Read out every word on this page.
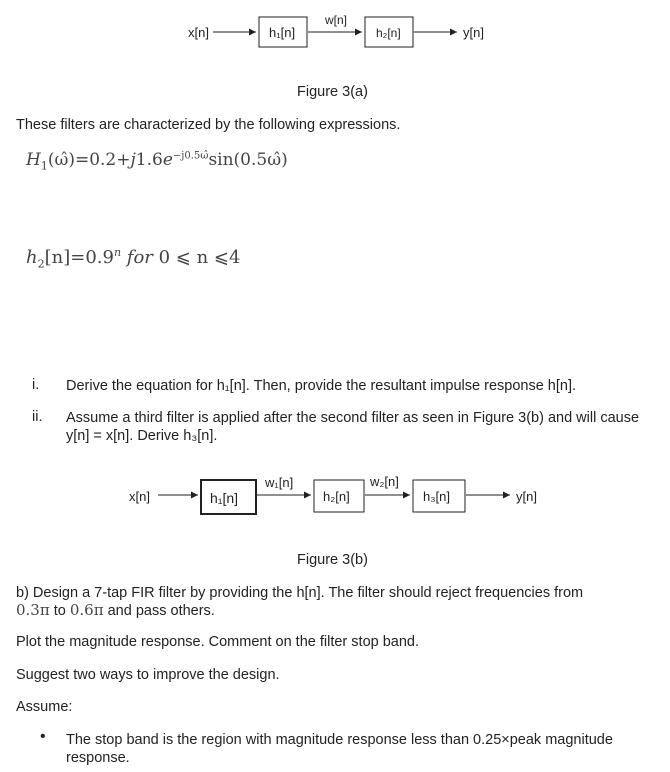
x[n]	h₁[n]
w[n]
h₂[n]	y[n]
Figure 3(a)
These filters are characterized by the following expressions.
$H_1(\omegâ)=0.2+j1.6e^{-j0.5\omegâ}\sin(0.5\omegâ)$
$h_2[n]=0.9^n$ for 0 ⩽ n ⩽4
i. Derive the equation for h₁[n]. Then, provide the resultant impulse response h[n].
ii. Assume a third filter is applied after the second filter as seen in Figure 3(b) and will cause y[n] = x[n]. Derive h₃[n].
x[n]	h₁[n]
w₁[n]
h₂[n]
w₂[n]
h₃[n]	y[n]
Figure 3(b)
b) Design a 7-tap FIR filter by providing the h[n]. The filter should reject frequencies from
0.3π to 0.6π and pass others.
Plot the magnitude response. Comment on the filter stop band.
Suggest two ways to improve the design.
Assume:
• The stop band is the region with magnitude response less than 0.25×peak magnitude response.
